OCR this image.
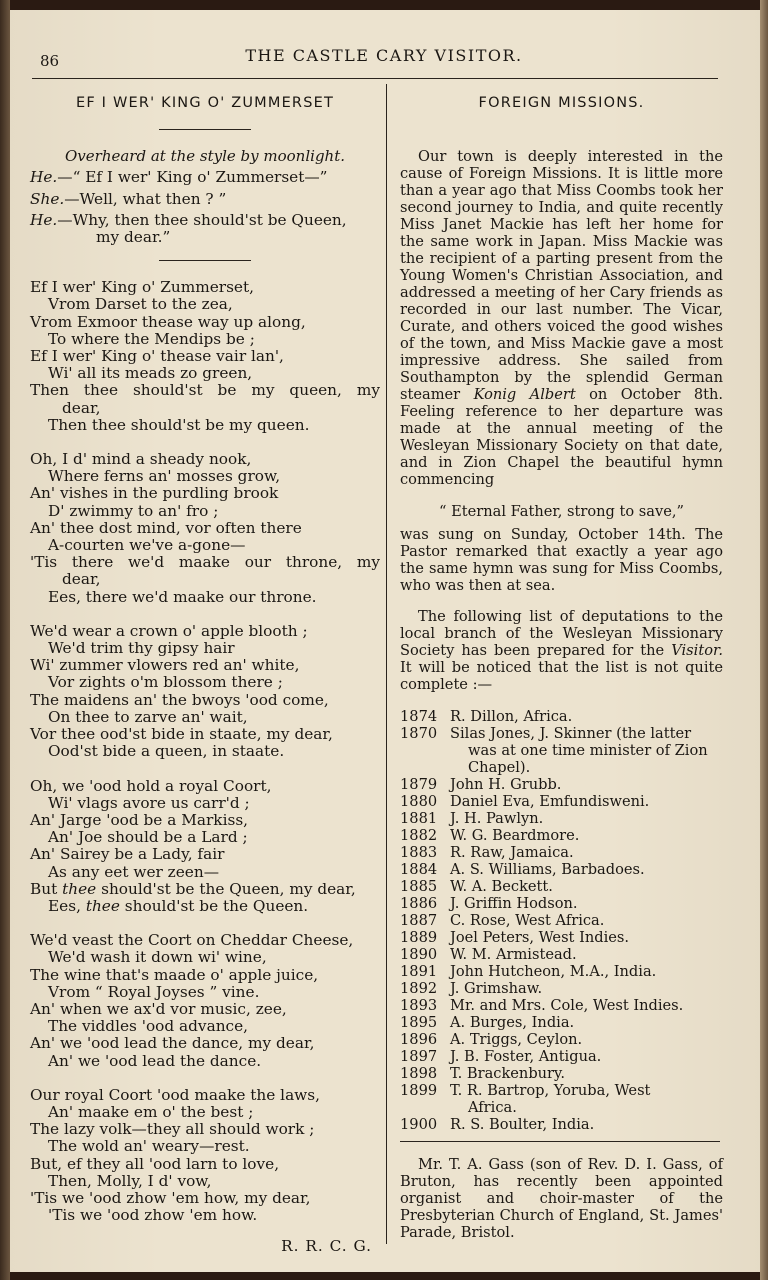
86	THE CASTLE CARY VISITOR.
EF I WER' KING O' ZUMMERSET
Overheard at the style by moonlight.
He.—“ Ef I wer' King o' Zummerset—”
She.—Well, what then ? ”
He.—Why, then thee should'st be Queen,
my dear.”
Ef I wer' King o' Zummerset,
Vrom Darset to the zea,
Vrom Exmoor thease way up along,
To where the Mendips be ;
Ef I wer' King o' thease vair lan',
Wi' all its meads zo green,
Then thee should'st be my queen, my
dear,
Then thee should'st be my queen.
Oh, I d' mind a sheady nook,
Where ferns an' mosses grow,
An' vishes in the purdling brook
D' zwimmy to an' fro ;
An' thee dost mind, vor often there
A-courten we've a-gone—
'Tis there we'd maake our throne, my
dear,
Ees, there we'd maake our throne.
We'd wear a crown o' apple blooth ;
We'd trim thy gipsy hair
Wi' zummer vlowers red an' white,
Vor zights o'm blossom there ;
The maidens an' the bwoys 'ood come,
On thee to zarve an' wait,
Vor thee ood'st bide in staate, my dear,
Ood'st bide a queen, in staate.
Oh, we 'ood hold a royal Coort,
Wi' vlags avore us carr'd ;
An' Jarge 'ood be a Markiss,
An' Joe should be a Lard ;
An' Sairey be a Lady, fair
As any eet wer zeen—
But thee should'st be the Queen, my dear,
Ees, thee should'st be the Queen.
We'd veast the Coort on Cheddar Cheese,
We'd wash it down wi' wine,
The wine that's maade o' apple juice,
Vrom “ Royal Joyses ” vine.
An' when we ax'd vor music, zee,
The viddles 'ood advance,
An' we 'ood lead the dance, my dear,
An' we 'ood lead the dance.
Our royal Coort 'ood maake the laws,
An' maake em o' the best ;
The lazy volk—they all should work ;
The wold an' weary—rest.
But, ef they all 'ood larn to love,
Then, Molly, I d' vow,
'Tis we 'ood zhow 'em how, my dear,
'Tis we 'ood zhow 'em how.
R. R. C. G.
FOREIGN MISSIONS.

Our town is deeply interested in the cause of Foreign Missions. It is little more than a year ago that Miss Coombs took her second journey to India, and quite recently Miss Janet Mackie has left her home for the same work in Japan. Miss Mackie was the recipient of a parting present from the Young Women's Christian Association, and addressed a meeting of her Cary friends as recorded in our last number. The Vicar, Curate, and others voiced the good wishes of the town, and Miss Mackie gave a most impressive address. She sailed from Southampton by the splendid German steamer Konig Albert on October 8th. Feeling reference to her departure was made at the annual meeting of the Wesleyan Missionary Society on that date, and in Zion Chapel the beautiful hymn commencing

“ Eternal Father, strong to save,”

was sung on Sunday, October 14th. The Pastor remarked that exactly a year ago the same hymn was sung for Miss Coombs, who was then at sea.

The following list of deputations to the local branch of the Wesleyan Missionary Society has been prepared for the Visitor. It will be noticed that the list is not quite complete :—

1874 R. Dillon, Africa.
1870 Silas Jones, J. Skinner (the latter
was at one time minister of Zion
Chapel).
1879 John H. Grubb.
1880 Daniel Eva, Emfundisweni.
1881 J. H. Pawlyn.
1882 W. G. Beardmore.
1883 R. Raw, Jamaica.
1884 A. S. Williams, Barbadoes.
1885 W. A. Beckett.
1886 J. Griffin Hodson.
1887 C. Rose, West Africa.
1889 Joel Peters, West Indies.
1890 W. M. Armistead.
1891 John Hutcheon, M.A., India.
1892 J. Grimshaw.
1893 Mr. and Mrs. Cole, West Indies.
1895 A. Burges, India.
1896 A. Triggs, Ceylon.
1897 J. B. Foster, Antigua.
1898 T. Brackenbury.
1899 T. R. Bartrop, Yoruba, West
Africa.
1900 R. S. Boulter, India.

Mr. T. A. Gass (son of Rev. D. I. Gass, of Bruton, has recently been appointed organist and choir-master of the Presbyterian Church of England, St. James' Parade, Bristol.
